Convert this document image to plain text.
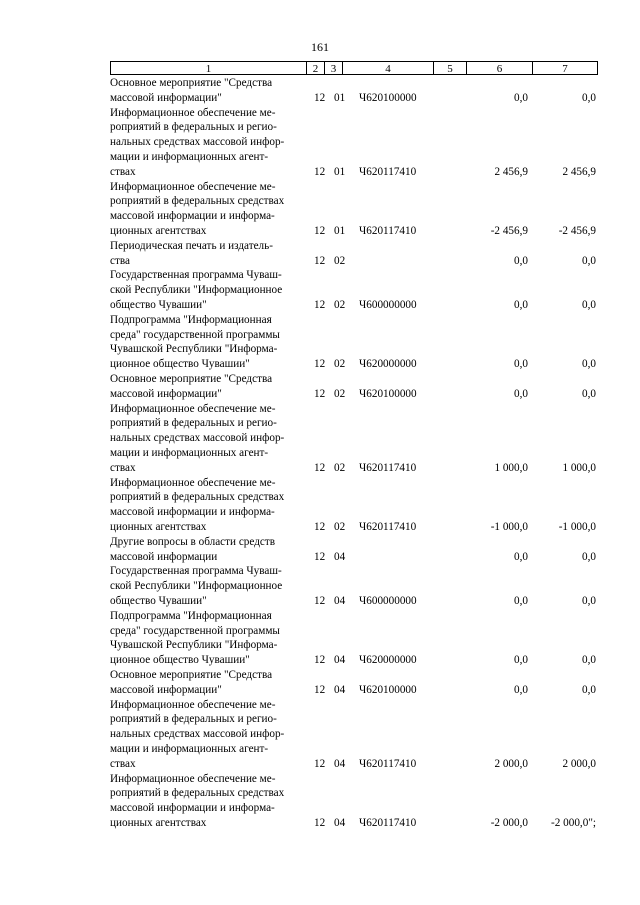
161
1	2	3	4	5	6	7
Основное мероприятие "Средства
массовой информации"	12 01 Ч620100000	0,0	0,0
Информационное обеспечение ме-
роприятий в федеральных и регио-
нальных средствах массовой инфор-
мации и информационных агент-
ствах	12 01 Ч620117410	2 456,9	2 456,9
Информационное обеспечение ме-
роприятий в федеральных средствах
массовой информации и информа-
ционных агентствах	12 01 Ч620117410	-2 456,9	-2 456,9
Периодическая печать и издатель-
ства	12 02	0,0	0,0
Государственная программа Чуваш-
ской Республики "Информационное
общество Чувашии"	12 02 Ч600000000	0,0	0,0
Подпрограмма "Информационная
среда" государственной программы
Чувашской Республики "Информа-
ционное общество Чувашии"	12 02 Ч620000000	0,0	0,0
Основное мероприятие "Средства
массовой информации"	12 02 Ч620100000	0,0	0,0
Информационное обеспечение ме-
роприятий в федеральных и регио-
нальных средствах массовой инфор-
мации и информационных агент-
ствах	12 02 Ч620117410	1 000,0	1 000,0
Информационное обеспечение ме-
роприятий в федеральных средствах
массовой информации и информа-
ционных агентствах	12 02 Ч620117410	-1 000,0	-1 000,0
Другие вопросы в области средств
массовой информации	12 04	0,0	0,0
Государственная программа Чуваш-
ской Республики "Информационное
общество Чувашии"	12 04 Ч600000000	0,0	0,0
Подпрограмма "Информационная
среда" государственной программы
Чувашской Республики "Информа-
ционное общество Чувашии"	12 04 Ч620000000	0,0	0,0
Основное мероприятие "Средства
массовой информации"	12 04 Ч620100000	0,0	0,0
Информационное обеспечение ме-
роприятий в федеральных и регио-
нальных средствах массовой инфор-
мации и информационных агент-
ствах	12 04 Ч620117410	2 000,0	2 000,0
Информационное обеспечение ме-
роприятий в федеральных средствах
массовой информации и информа-
ционных агентствах	12 04 Ч620117410	-2 000,0 -2 000,0";
